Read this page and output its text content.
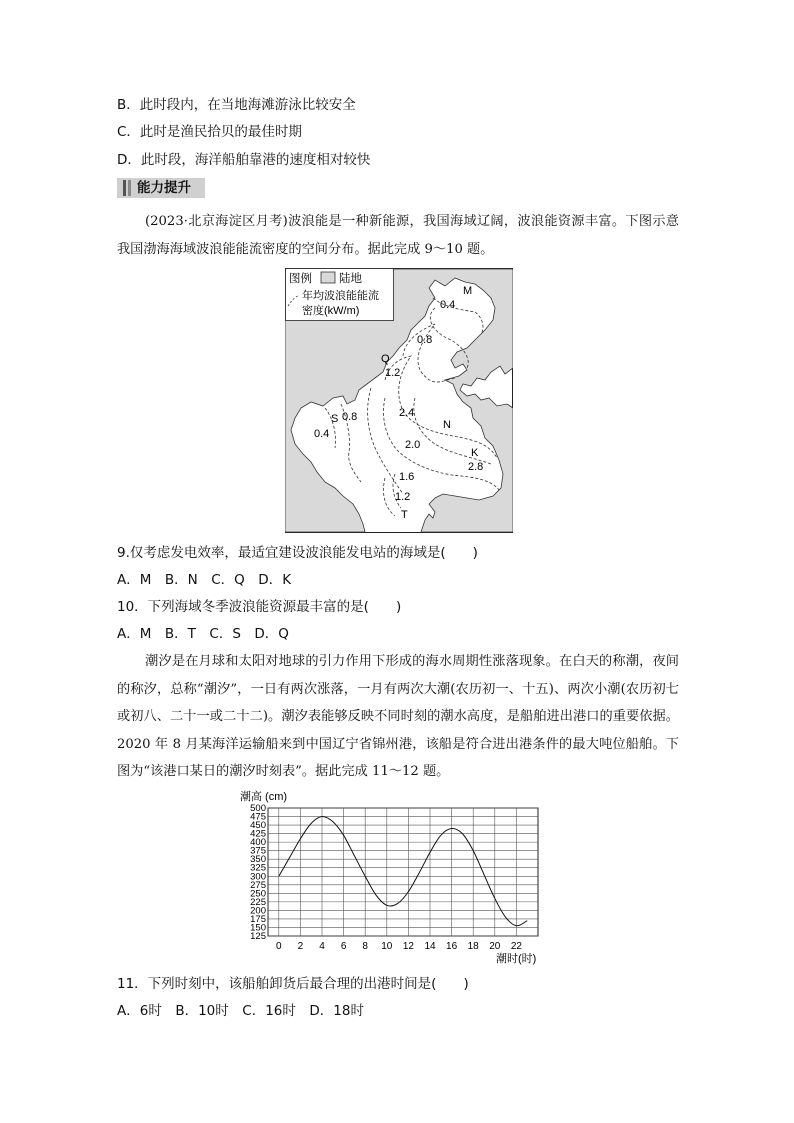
B．此时段内，在当地海滩游泳比较安全
C．此时是渔民拾贝的最佳时期
D．此时段，海洋船舶靠港的速度相对较快
能力提升
(2023·北京海淀区月考)波浪能是一种新能源，我国海域辽阔，波浪能资源丰富。下图示意我国渤海海域波浪能能流密度的空间分布。据此完成 9～10 题。
图例 陆地
年均波浪能能流
密度(kW/m)
M
0.4
0.8
Q
1.2
S 0.8
0.4
2.4
N
2.0
K
2.8
1.6
1.2
T
9.仅考虑发电效率，最适宜建设波浪能发电站的海域是(　　)
A．M　B．N　C．Q　D．K
10．下列海域冬季波浪能资源最丰富的是(　　)
A．M　B．T　C．S　D．Q
潮汐是在月球和太阳对地球的引力作用下形成的海水周期性涨落现象。在白天的称潮，夜间的称汐，总称“潮汐”，一日有两次涨落，一月有两次大潮(农历初一、十五)、两次小潮(农历初七或初八、二十一或二十二)。潮汐表能够反映不同时刻的潮水高度，是船舶进出港口的重要依据。2020 年 8 月某海洋运输船来到中国辽宁省锦州港，该船是符合进出港条件的最大吨位船舶。下图为“该港口某日的潮汐时刻表”。据此完成 11～12 题。
潮高 (cm)
500
475
450
425
400
375
350
325
300
275
250
225
200
175
150
125
0 2 4 6 8 10 12 14 16 18 20 22
潮时(时)
11．下列时刻中，该船舶卸货后最合理的出港时间是(　　)
A．6时　B．10时　C．16时　D．18时
